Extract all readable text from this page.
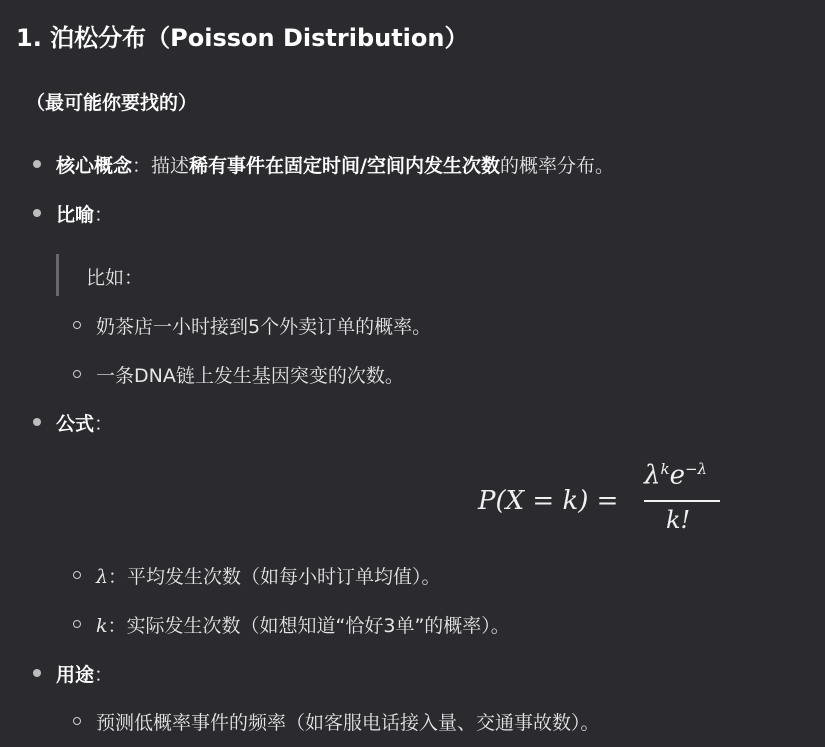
1. 泊松分布（Poisson Distribution）
（最可能你要找的）
核心概念：描述稀有事件在固定时间/空间内发生次数的概率分布。
比喻：
比如：
奶茶店一小时接到5个外卖订单的概率。
一条DNA链上发生基因突变的次数。
公式：
P(X = k) =
$\lambda^ke^{-\lambda}$
k!
λ：平均发生次数（如每小时订单均值）。
k：实际发生次数（如想知道“恰好3单”的概率）。
用途：
预测低概率事件的频率（如客服电话接入量、交通事故数）。
